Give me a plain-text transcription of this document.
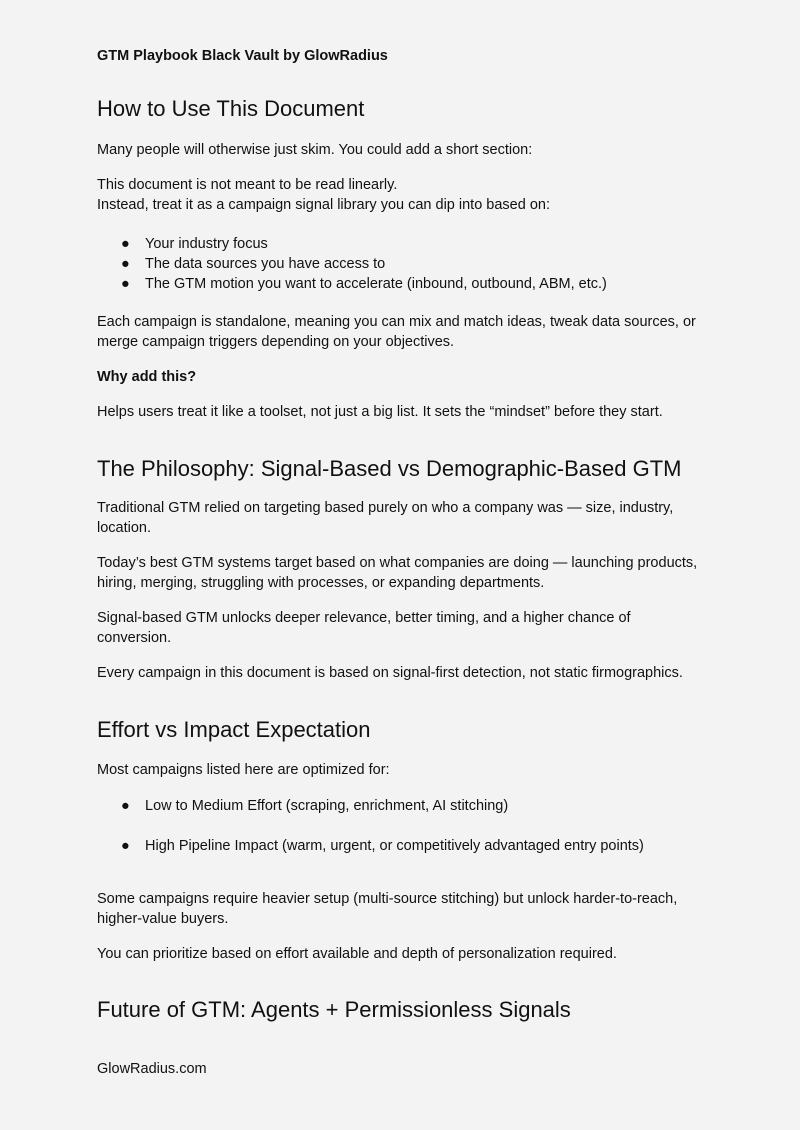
GTM Playbook Black Vault by GlowRadius
How to Use This Document

Many people will otherwise just skim. You could add a short section:

This document is not meant to be read linearly.
Instead, treat it as a campaign signal library you can dip into based on:

● Your industry focus
● The data sources you have access to
● The GTM motion you want to accelerate (inbound, outbound, ABM, etc.)

Each campaign is standalone, meaning you can mix and match ideas, tweak data sources, or merge campaign triggers depending on your objectives.

Why add this?

Helps users treat it like a toolset, not just a big list. It sets the “mindset” before they start.

The Philosophy: Signal-Based vs Demographic-Based GTM

Traditional GTM relied on targeting based purely on who a company was — size, industry, location.

Today’s best GTM systems target based on what companies are doing — launching products, hiring, merging, struggling with processes, or expanding departments.

Signal-based GTM unlocks deeper relevance, better timing, and a higher chance of conversion.

Every campaign in this document is based on signal-first detection, not static firmographics.

Effort vs Impact Expectation

Most campaigns listed here are optimized for:

● Low to Medium Effort (scraping, enrichment, AI stitching)
● High Pipeline Impact (warm, urgent, or competitively advantaged entry points)

Some campaigns require heavier setup (multi-source stitching) but unlock harder-to-reach, higher-value buyers.

You can prioritize based on effort available and depth of personalization required.

Future of GTM: Agents + Permissionless Signals
GlowRadius.com
